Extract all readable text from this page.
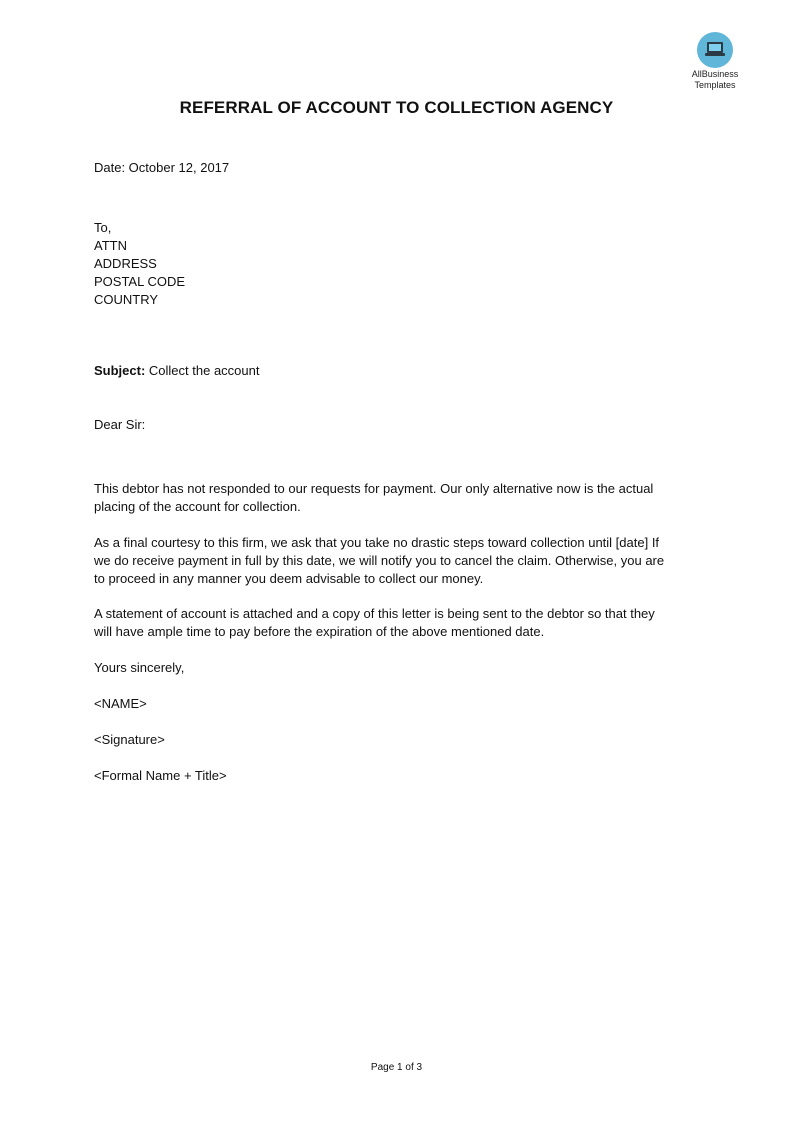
AllBusiness
Templates
REFERRAL OF ACCOUNT TO COLLECTION AGENCY
Date: October 12, 2017
To,
ATTN
ADDRESS
POSTAL CODE
COUNTRY
Subject: Collect the account
Dear Sir:
This debtor has not responded to our requests for payment. Our only alternative now is the actual
placing of the account for collection.
As a final courtesy to this firm, we ask that you take no drastic steps toward collection until [date] If
we do receive payment in full by this date, we will notify you to cancel the claim. Otherwise, you are
to proceed in any manner you deem advisable to collect our money.
A statement of account is attached and a copy of this letter is being sent to the debtor so that they
will have ample time to pay before the expiration of the above mentioned date.
Yours sincerely,
<NAME>
<Signature>
<Formal Name + Title>
Page 1 of 3
